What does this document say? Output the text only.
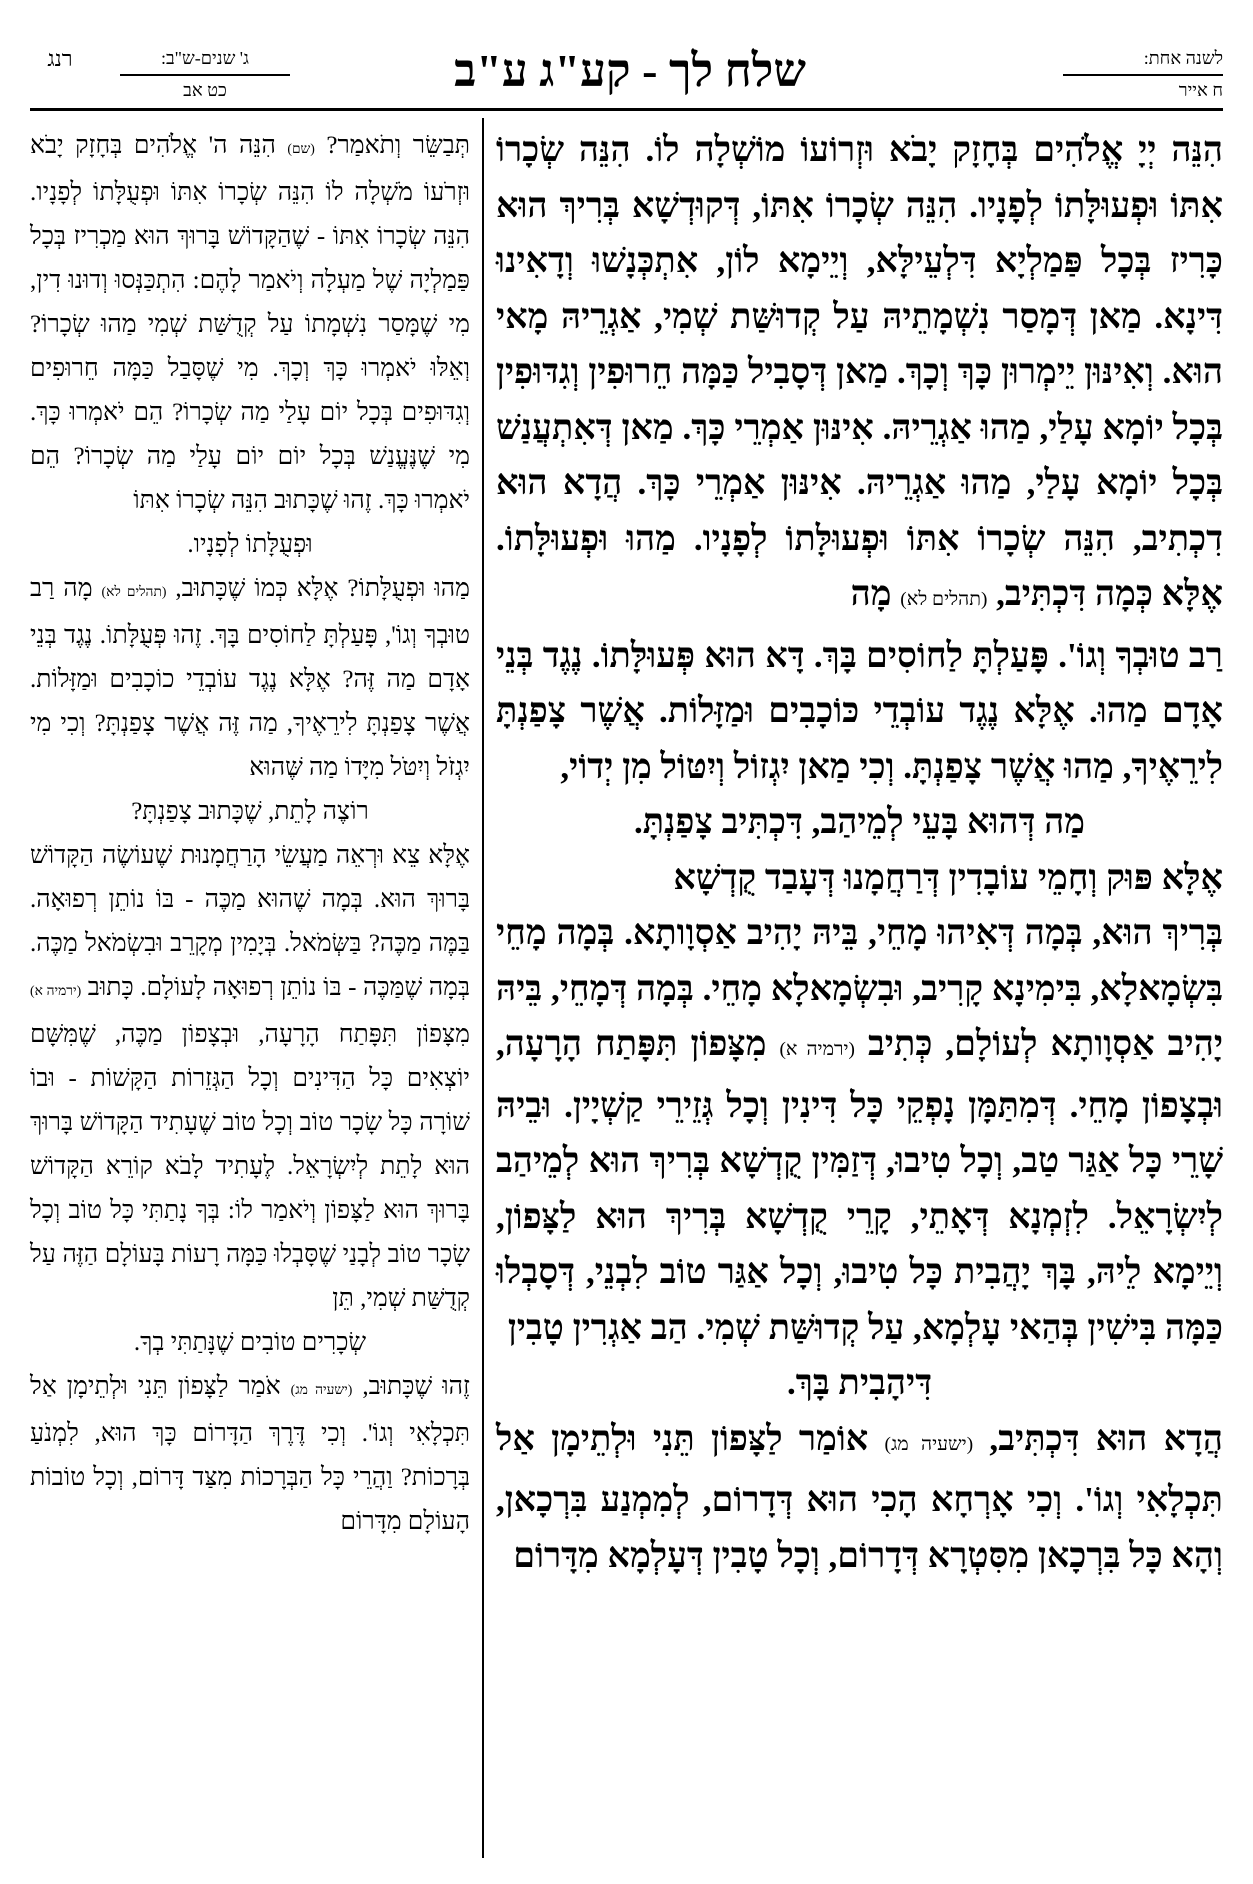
לשנה אחת:
ח אייר
שלח לך - קע"ג ע"ב
ג' שנים-ש"ב:
כט אב
רנג

הִנֵּה יְיָ אֱלֹהִים בְּחָזָק יָבֹא וּזְרוֹעוֹ מוֹשְׁלָה לוֹ. הִנֵּה שְׂכָרוֹ אִתּוֹ וּפְעוּלָּתוֹ לְפָנָיו. הִנֵּה שְׂכָרוֹ אִתּוֹ, דְּקוּדְשָׁא בְּרִיךְ הוּא כָּרִיז בְּכָל פַּמַלְיָא דִּלְעֵילָּא, וְיֵימָא לוֹן, אִתְכְּנָשׁוּ וְדָאִינוּ דִּינָא. מַאן דְּמָסַר נִשְׁמָתֵיהּ עַל קְדוּשַּׁת שְׁמִי, אַגְרֵיהּ מָאי הוּא. וְאִינּוּן יֵימְרוּן כָּךְ וְכָךְ. מַאן דְּסָבִיל כַּמָּה חֵרוּפִין וְגִדּוּפִין בְּכָל יוֹמָא עָלַי, מַהוּ אַגְרֵיהּ. אִינּוּן אַמְרֵי כָּךְ. מַאן דְּאִתְעֲנַשׁ בְּכָל יוֹמָא עָלַי, מַהוּ אַגְרֵיהּ. אִינּוּן אַמְרֵי כָּךְ. הֲדָא הוּא דִכְתִיב, הִנֵּה שְׂכָרוֹ אִתּוֹ וּפְעוּלָּתוֹ לְפָנָיו. מַהוּ וּפְעוּלָּתוֹ. אֶלָּא כְּמָה דִּכְתִּיב, (תהלים לא) מָה

רַב טוּבְךָ וְגוֹ'. פָּעַלְתָּ לַחוֹסִים בָּךְ. דָּא הוּא פְּעוּלָּתוֹ. נֶגֶד בְּנֵי אָדָם מַהוּ. אֶלָּא נֶגֶד עוֹבְדֵי כּוֹכָבִים וּמַזָּלוֹת. אֲשֶׁר צָפַנְתָּ לִירֵאֶיךָ, מַהוּ אֲשֶׁר צָפַנְתָּ. וְכִי מַאן יִגְזוֹל וְיִטּוֹל מִן יְדוֹי,

מַה דְּהוּא בָּעֵי לְמֵיהַב, דִּכְתִּיב צָפַנְתָּ.

אֶלָּא פּוּק וְחָמֵי עוֹבָדִין דְּרַחֲמָנוּ דְּעָבַד קֻדְשָׁא

בְּרִיךְ הוּא, בְּמָה דְּאִיהוּ מָחֵי, בֵּיהּ יָהִיב אַסְוָותָא. בְּמָה מָחֵי בִּשְׂמָאלָא, בִּימִינָא קָרִיב, וּבִשְׂמָאלָא מָחֵי. בְּמָה דְּמָחֵי, בֵּיהּ יָהִיב אַסְוָותָא לְעוֹלָם, כְּתִיב (ירמיה א) מִצָּפוֹן תִּפָּתַח הָרָעָה, וּבְצָפוֹן מָחֵי. דְּמִתַּמָּן נָפְקֵי כָּל דִּינִין וְכָל גְּזֵירֵי קַשְׁיָין. וּבֵיהּ שָׁרֵי כָּל אַגַּר טַב, וְכָל טִיבוּ, דְּזַמִּין קֻדְשָׁא בְּרִיךְ הוּא לְמֵיהַב לְיִשְׂרָאֵל. לִזְמְנָא דְּאָתֵי, קָרֵי קֻדְשָׁא בְּרִיךְ הוּא לַצָּפוֹן, וְיֵימָא לֵיהּ, בָּךְ יָהֲבִית כָּל טִיבוּ, וְכָל אַגַּר טוֹב לִבְנֵי, דְּסָבְלוּ כַּמָּה בִּישִׁין בְּהַאי עָלְמָא, עַל קְדוּשַּׁת שְׁמִי. הַב אַגְרִין טָבִין

דִּיהָבִית בָּךְ.

הֲדָא הוּא דִּכְתִּיב, (ישעיה מג) אוֹמַר לַצָּפוֹן תֵּנִי וּלְתֵימָן אַל תִּכְלָאִי וְגוֹ'. וְכִי אָרְחָא הָכִי הוּא דְּדָרוֹם, לְמִמְנַע בִּרְכָאן, וְהָא כָּל בִּרְכָאן מִסִּטְרָא דְּדָרוֹם, וְכָל טָבִין דְּעָלְמָא מִדָּרוֹם

תְּבַשֵּׂר וְתֹאמַר? (שם) הִנֵּה ה' אֱלֹהִים בְּחָזָק יָבֹא וּזְרֹעוֹ מֹשְׁלָה לוֹ הִנֵּה שְׂכָרוֹ אִתּוֹ וּפְעֻלָּתוֹ לְפָנָיו. הִנֵּה שְׂכָרוֹ אִתּוֹ - שֶׁהַקָּדוֹשׁ בָּרוּךְ הוּא מַכְרִיז בְּכָל פַּמַלְיָה שֶׁל מַעְלָה וְיֹאמַר לָהֶם: הִתְכַּנְּסוּ וְדוּנוּ דִין, מִי שֶׁמָּסַר נִשְׁמָתוֹ עַל קְדֻשַּׁת שְׁמִי מַהוּ שְׂכָרוֹ? וְאֵלּוּ יֹאמְרוּ כָּךְ וְכָךְ. מִי שֶׁסָּבַל כַּמָּה חֵרוּפִים וְגִדּוּפִים בְּכָל יוֹם עָלַי מַה שְׂכָרוֹ? הֵם יֹאמְרוּ כָּךְ. מִי שֶׁנֶּעֱנַשׁ בְּכָל יוֹם יוֹם עָלַי מַה שְׂכָרוֹ? הֵם יֹאמְרוּ כָּךְ. זֶהוּ שֶׁכָּתוּב הִנֵּה שְׂכָרוֹ אִתּוֹ

וּפְעֻלָּתוֹ לְפָנָיו.

מַהוּ וּפְעֻלָּתוֹ? אֶלָּא כְּמוֹ שֶׁכָּתוּב, (תהלים לא) מָה רַב טוּבְךָ וְגוֹ', פָּעַלְתָּ לַחוֹסִים בָּךְ. זֶהוּ פְּעֻלָּתוֹ. נֶגֶד בְּנֵי אָדָם מַה זֶּה? אֶלָּא נֶגֶד עוֹבְדֵי כוֹכָבִים וּמַזָּלוֹת. אֲשֶׁר צָפַנְתָּ לִירֵאֶיךָ, מַה זֶּה אֲשֶׁר צָפַנְתָּ? וְכִי מִי יִגְזֹל וְיִטֹּל מִיָּדוֹ מַה שֶּׁהוּא

רוֹצֶה לָתֵת, שֶׁכָּתוּב צָפַנְתָּ?

אֶלָּא צֵא וּרְאֵה מַעֲשֵׂי הָרַחֲמָנוּת שֶׁעוֹשֶׂה הַקָּדוֹשׁ בָּרוּךְ הוּא. בְּמָה שֶׁהוּא מַכֶּה - בּוֹ נוֹתֵן רְפוּאָה. בַּמֶּה מַכֶּה? בַּשְּׂמֹאל. בְּיָמִין מְקָרֵב וּבִשְׂמֹאל מַכֶּה. בְּמָה שֶׁמַּכֶּה - בּוֹ נוֹתֵן רְפוּאָה לָעוֹלָם. כָּתוּב (ירמיה א) מִצָּפוֹן תִּפָּתַח הָרָעָה, וּבְצָפוֹן מַכֶּה, שֶׁמִּשָּׁם יוֹצְאִים כָּל הַדִּינִים וְכָל הַגְּזֵרוֹת הַקָּשׁוֹת - וּבוֹ שׁוֹרָה כָּל שָׂכָר טוֹב וְכָל טוֹב שֶׁעָתִיד הַקָּדוֹשׁ בָּרוּךְ הוּא לָתֵת לְיִשְׂרָאֵל. לֶעָתִיד לָבֹא קוֹרֵא הַקָּדוֹשׁ בָּרוּךְ הוּא לַצָּפוֹן וְיֹאמַר לוֹ: בְּךָ נָתַתִּי כָּל טוֹב וְכָל שָׂכָר טוֹב לְבָנַי שֶׁסָּבְלוּ כַּמָּה רָעוֹת בָּעוֹלָם הַזֶּה עַל קְדֻשַּׁת שְׁמִי, תֵּן

שְׂכָרִים טוֹבִים שֶׁנָּתַתִּי בְךָ.

זֶהוּ שֶׁכָּתוּב, (ישעיה מג) אֹמַר לַצָּפוֹן תֵּנִי וּלְתֵימָן אַל תִּכְלָאִי וְגוֹ'. וְכִי דֶּרֶךְ הַדָּרוֹם כָּךְ הוּא, לִמְנֹעַ בְּרָכוֹת? וַהֲרֵי כָּל הַבְּרָכוֹת מִצַּד דָּרוֹם, וְכָל טוֹבוֹת הָעוֹלָם מִדָּרוֹם
